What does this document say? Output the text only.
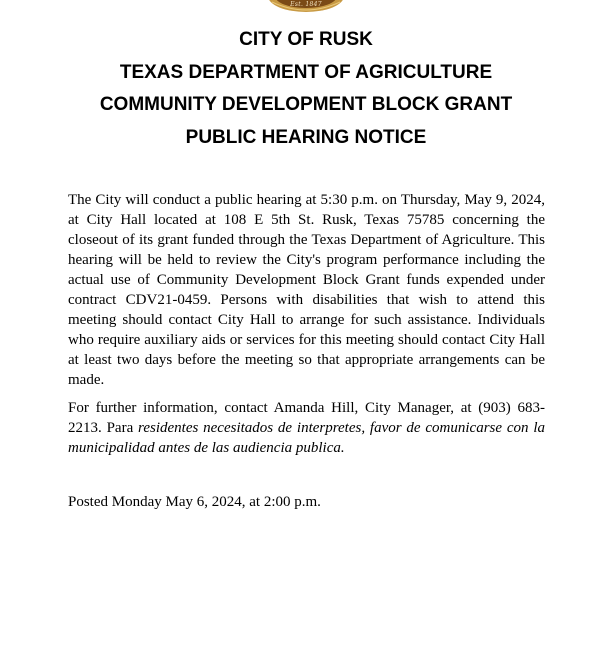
Est. 1847
CITY OF RUSK
TEXAS DEPARTMENT OF AGRICULTURE
COMMUNITY DEVELOPMENT BLOCK GRANT
PUBLIC HEARING NOTICE

The City will conduct a public hearing at 5:30 p.m. on Thursday, May 9, 2024, at City Hall located at 108 E 5th St. Rusk, Texas 75785 concerning the closeout of its grant funded through the Texas Department of Agriculture. This hearing will be held to review the City's program performance including the actual use of Community Development Block Grant funds expended under contract CDV21-0459. Persons with disabilities that wish to attend this meeting should contact City Hall to arrange for such assistance. Individuals who require auxiliary aids or services for this meeting should contact City Hall at least two days before the meeting so that appropriate arrangements can be made.

For further information, contact Amanda Hill, City Manager, at (903) 683-2213. Para residentes necesitados de interpretes, favor de comunicarse con la municipalidad antes de las audiencia publica.

Posted Monday May 6, 2024, at 2:00 p.m.
